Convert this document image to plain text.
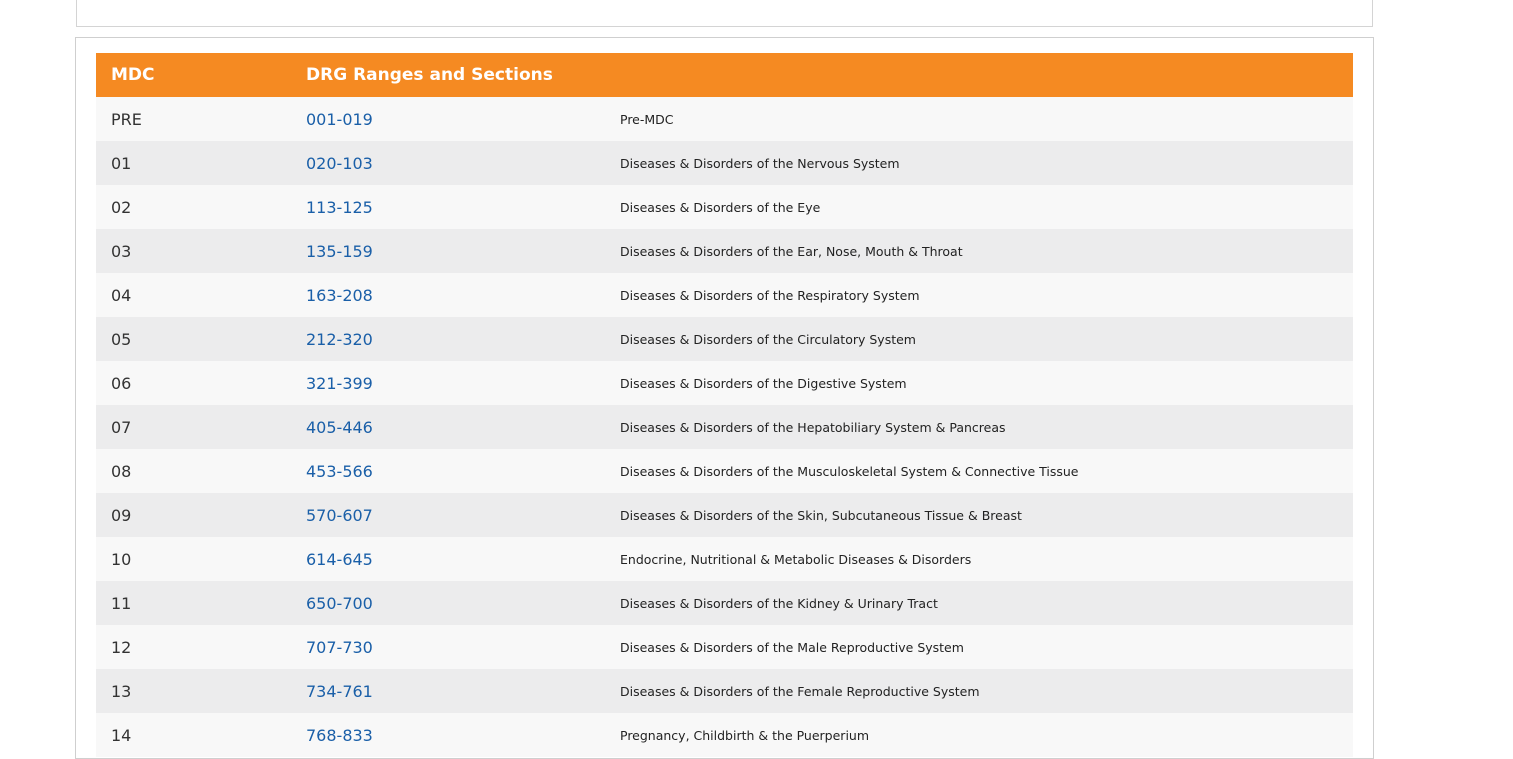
MDC	DRG Ranges and Sections	
PRE	001-019	Pre-MDC
01	020-103	Diseases & Disorders of the Nervous System
02	113-125	Diseases & Disorders of the Eye
03	135-159	Diseases & Disorders of the Ear, Nose, Mouth & Throat
04	163-208	Diseases & Disorders of the Respiratory System
05	212-320	Diseases & Disorders of the Circulatory System
06	321-399	Diseases & Disorders of the Digestive System
07	405-446	Diseases & Disorders of the Hepatobiliary System & Pancreas
08	453-566	Diseases & Disorders of the Musculoskeletal System & Connective Tissue
09	570-607	Diseases & Disorders of the Skin, Subcutaneous Tissue & Breast
10	614-645	Endocrine, Nutritional & Metabolic Diseases & Disorders
11	650-700	Diseases & Disorders of the Kidney & Urinary Tract
12	707-730	Diseases & Disorders of the Male Reproductive System
13	734-761	Diseases & Disorders of the Female Reproductive System
14	768-833	Pregnancy, Childbirth & the Puerperium
